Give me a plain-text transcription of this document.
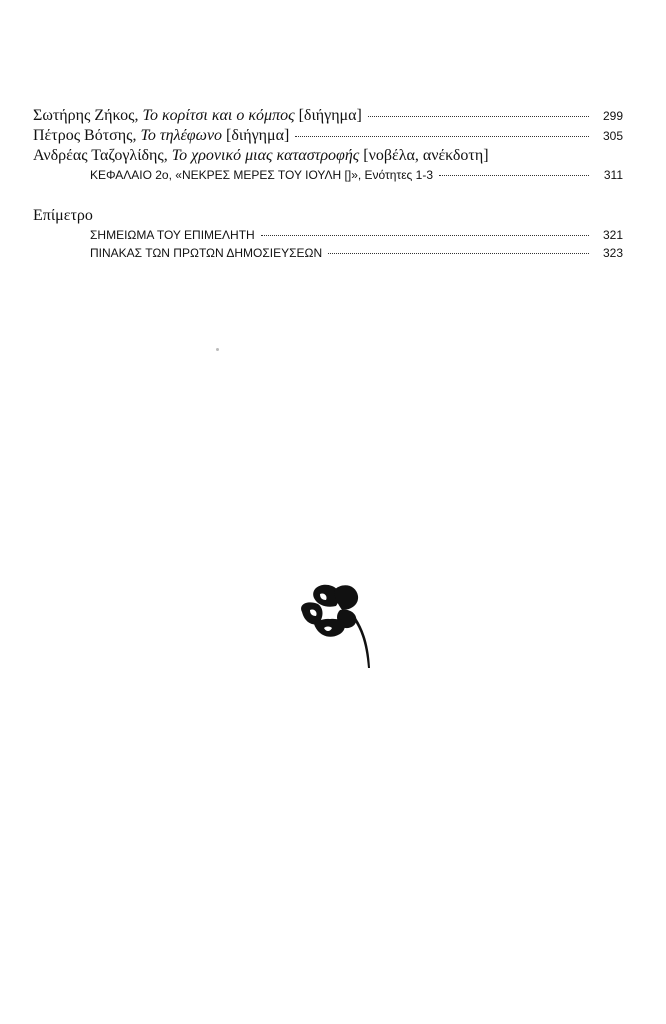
Σωτήρης Ζήκος, Το κορίτσι και ο κόμπος [διήγημα]	299
Πέτρος Βότσης, Το τηλέφωνο [διήγημα]	305
Ανδρέας Ταζογλίδης, Το χρονικό μιας καταστροφής [νοβέλα, ανέκδοτη]
ΚΕΦΑΛΑΙΟ 2ο, «ΝΕΚΡΕΣ ΜΕΡΕΣ ΤΟΥ ΙΟΥΛΗ []», Ενότητες 1-3	311
Επίμετρο
ΣΗΜΕΙΩΜΑ ΤΟΥ ΕΠΙΜΕΛΗΤΗ	321
ΠΙΝΑΚΑΣ ΤΩΝ ΠΡΩΤΩΝ ΔΗΜΟΣΙΕΥΣΕΩΝ	323
